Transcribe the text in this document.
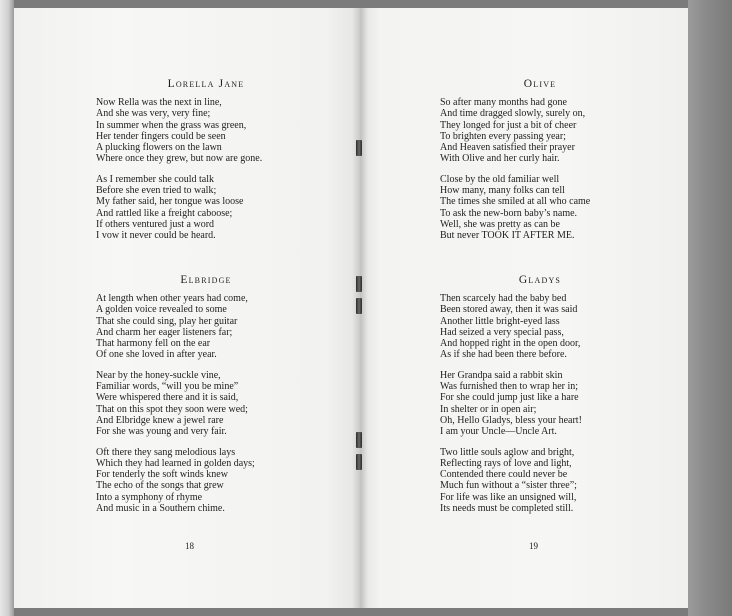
Lorella Jane
Now Rella was the next in line,
And she was very, very fine;
In summer when the grass was green,
Her tender fingers could be seen
A plucking flowers on the lawn
Where once they grew, but now are gone.
As I remember she could talk
Before she even tried to walk;
My father said, her tongue was loose
And rattled like a freight caboose;
If others ventured just a word
I vow it never could be heard.
Elbridge
At length when other years had come,
A golden voice revealed to some
That she could sing, play her guitar
And charm her eager listeners far;
That harmony fell on the ear
Of one she loved in after year.
Near by the honey-suckle vine,
Familiar words, “will you be mine”
Were whispered there and it is said,
That on this spot they soon were wed;
And Elbridge knew a jewel rare
For she was young and very fair.
Oft there they sang melodious lays
Which they had learned in golden days;
For tenderly the soft winds knew
The echo of the songs that grew
Into a symphony of rhyme
And music in a Southern chime.
Olive
So after many months had gone
And time dragged slowly, surely on,
They longed for just a bit of cheer
To brighten every passing year;
And Heaven satisfied their prayer
With Olive and her curly hair.
Close by the old familiar well
How many, many folks can tell
The times she smiled at all who came
To ask the new-born baby’s name.
Well, she was pretty as can be
But never TOOK IT AFTER ME.
Gladys
Then scarcely had the baby bed
Been stored away, then it was said
Another little bright-eyed lass
Had seized a very special pass,
And hopped right in the open door,
As if she had been there before.
Her Grandpa said a rabbit skin
Was furnished then to wrap her in;
For she could jump just like a hare
In shelter or in open air;
Oh, Hello Gladys, bless your heart!
I am your Uncle—Uncle Art.
Two little souls aglow and bright,
Reflecting rays of love and light,
Contended there could never be
Much fun without a “sister three”;
For life was like an unsigned will,
Its needs must be completed still.
18	19
